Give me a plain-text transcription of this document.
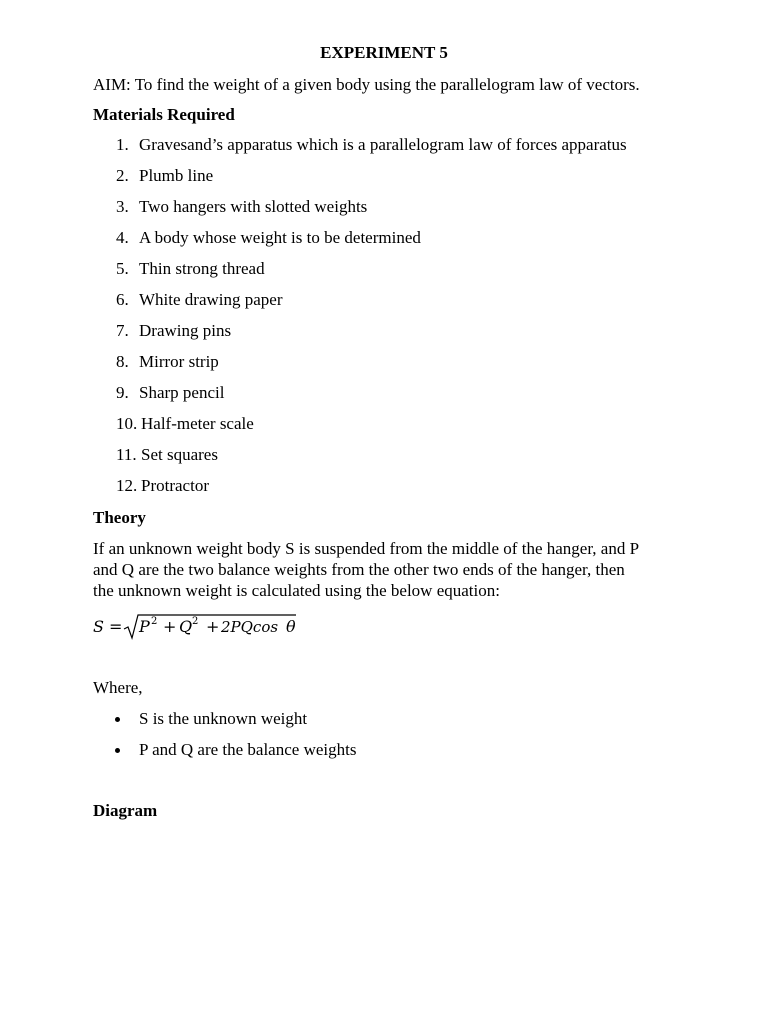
EXPERIMENT 5
AIM: To find the weight of a given body using the parallelogram law of vectors.
Materials Required
1. Gravesand’s apparatus which is a parallelogram law of forces apparatus
2. Plumb line
3. Two hangers with slotted weights
4. A body whose weight is to be determined
5. Thin strong thread
6. White drawing paper
7. Drawing pins
8. Mirror strip
9. Sharp pencil
10. Half-meter scale
11. Set squares
12. Protractor
Theory
If an unknown weight body S is suspended from the middle of the hanger, and P
and Q are the two balance weights from the other two ends of the hanger, then
the unknown weight is calculated using the below equation:
S = P 2 + Q 2 + 2PQcos θ
Where,
S is the unknown weight
P and Q are the balance weights
Diagram
